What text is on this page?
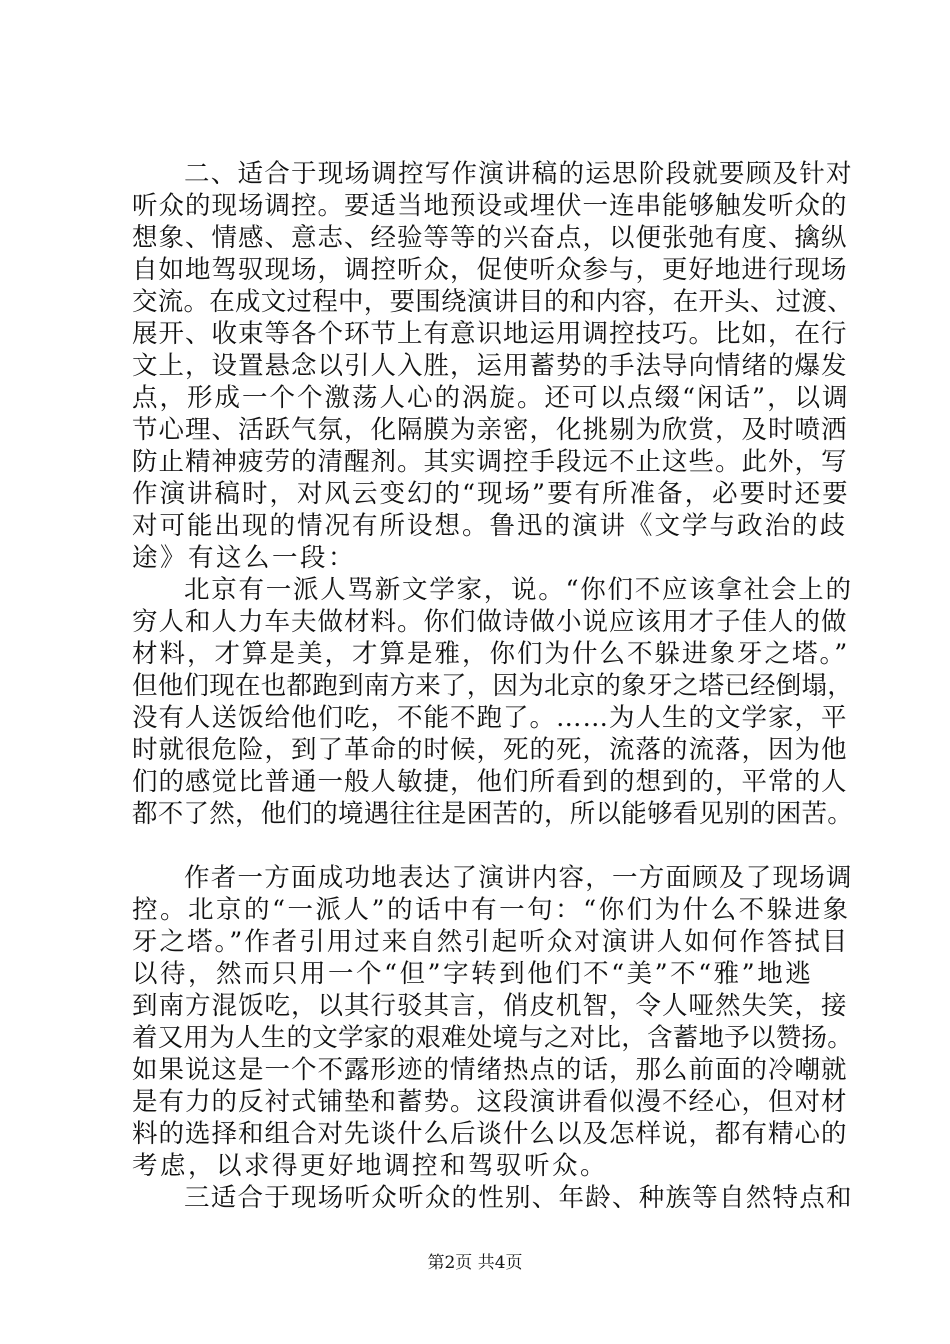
二、适合于现场调控写作演讲稿的运思阶段就要顾及针对
听众的现场调控。要适当地预设或埋伏一连串能够触发听众的
想象、情感、意志、经验等等的兴奋点，以便张弛有度、擒纵
自如地驾驭现场，调控听众，促使听众参与，更好地进行现场
交流。在成文过程中，要围绕演讲目的和内容，在开头、过渡、
展开、收束等各个环节上有意识地运用调控技巧。比如，在行
文上，设置悬念以引人入胜，运用蓄势的手法导向情绪的爆发
点，形成一个个激荡人心的涡旋。还可以点缀“闲话”，以调
节心理、活跃气氛，化隔膜为亲密，化挑剔为欣赏，及时喷洒
防止精神疲劳的清醒剂。其实调控手段远不止这些。此外，写
作演讲稿时，对风云变幻的“现场”要有所准备，必要时还要
对可能出现的情况有所设想。鲁迅的演讲《文学与政治的歧
途》有这么一段：
北京有一派人骂新文学家，说。“你们不应该拿社会上的
穷人和人力车夫做材料。你们做诗做小说应该用才子佳人的做
材料，才算是美，才算是雅，你们为什么不躲进象牙之塔。”
但他们现在也都跑到南方来了，因为北京的象牙之塔已经倒塌，
没有人送饭给他们吃，不能不跑了。……为人生的文学家，平
时就很危险，到了革命的时候，死的死，流落的流落，因为他
们的感觉比普通一般人敏捷，他们所看到的想到的，平常的人
都不了然，他们的境遇往往是困苦的，所以能够看见别的困苦。
作者一方面成功地表达了演讲内容，一方面顾及了现场调
控。北京的“一派人”的话中有一句：“你们为什么不躲进象
牙之塔。”作者引用过来自然引起听众对演讲人如何作答拭目
以待，然而只用一个“但”字转到他们不“美”不“雅”地逃
到南方混饭吃，以其行驳其言，俏皮机智，令人哑然失笑，接
着又用为人生的文学家的艰难处境与之对比，含蓄地予以赞扬。
如果说这是一个不露形迹的情绪热点的话，那么前面的冷嘲就
是有力的反衬式铺垫和蓄势。这段演讲看似漫不经心，但对材
料的选择和组合对先谈什么后谈什么以及怎样说，都有精心的
考虑，以求得更好地调控和驾驭听众。
三适合于现场听众听众的性别、年龄、种族等自然特点和
第2页 共4页
